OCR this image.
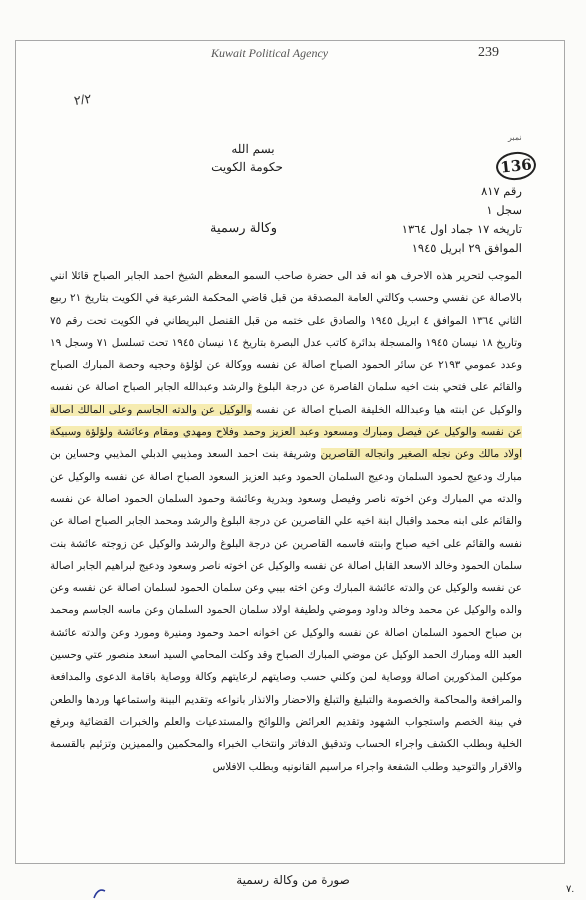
Kuwait Political Agency	239

٢/٢
نمبر
136

بسم الله

حكومة الكويت

رقم ٨١٧

سجل ١

تاريخه ١٧ جماد اول ١٣٦٤

الموافق ٢٩ ابريل ١٩٤٥

وكالة رسمية

الموجب لتحرير هذه الاحرف هو انه قد الى حضرة صاحب السمو المعظم الشيخ احمد الجابر الصباح قائلا انني بالاصالة عن نفسي وحسب وكالتي العامة المصدقة من قبل قاضي المحكمة الشرعية في الكويت بتاريخ ٢١ ربيع الثاني ١٣٦٤ الموافق ٤ ابريل ١٩٤٥ والصادق على ختمه من قبل القنصل البريطاني في الكويت تحت رقم ٧٥ وتاريخ ١٨ نيسان ١٩٤٥ والمسجلة بدائرة كاتب عدل البصرة بتاريخ ١٤ نيسان ١٩٤٥ تحت تسلسل ٧١ وسجل ١٩ وعدد عمومي ٢١٩٣ عن سائر الحمود الصباح اصالة عن نفسه ووكالة عن لؤلؤة وحجيه وحصة المبارك الصباح والقائم على فتحي بنت اخيه سلمان القاصرة عن درجة البلوغ والرشد وعبدالله الجابر الصباح اصالة عن نفسه والوكيل عن ابنته هيا وعبدالله الخليفة الصباح اصالة عن نفسه والوكيل عن والدته الجاسم وعلى المالك اصالة عن نفسه والوكيل عن فيصل ومبارك ومسعود وعبد العزيز وحمد وفلاح ومهدي ومقام وعائشة ولؤلؤة وسبيكة اولاد مالك وعن نجله الصغير وانجاله القاصرين وشريفة بنت احمد السعد ومذيبي الدبلي المذيبي وحساين بن مبارك ودعيج لحمود السلمان ودعيج السلمان الحمود وعبد العزيز السعود الصباح اصالة عن نفسه والوكيل عن والدته مي المبارك وعن اخوته ناصر وفيصل وسعود وبدرية وعائشة وحمود السلمان الحمود اصالة عن نفسه والقائم على ابنه محمد واقبال ابنة اخيه علي القاصرين عن درجة البلوغ والرشد ومحمد الجابر الصباح اصالة عن نفسه والقائم على اخيه صباح وابنته فاسمه القاصرين عن درجة البلوغ والرشد والوكيل عن زوجته عائشة بنت سلمان الحمود وخالد الاسعد القابل اصالة عن نفسه والوكيل عن اخوته ناصر وسعود ودعيج لبراهيم الجابر اصالة عن نفسه والوكيل عن والدته عائشة المبارك وعن اخته بيبي وعن سلمان الحمود لسلمان اصالة عن نفسه وعن والده والوكيل عن محمد وخالد وداود وموضي ولطيفة اولاد سلمان الحمود السلمان وعن ماسه الجاسم ومحمد بن صباح الحمود السلمان اصالة عن نفسه والوكيل عن اخوانه احمد وحمود ومنيرة ومورد وعن والدته عائشة العبد الله ومبارك الحمد الوكيل عن موضي المبارك الصباح وقد وكلت المحامي السيد اسعد منصور عتي وحسين موكلين المذكورين اصالة ووصاية لمن وكلني حسب وصايتهم لرعايتهم وكالة ووصاية باقامة الدعوى والمدافعة والمرافعة والمحاكمة والخصومة والتبليغ والتبلغ والاحضار والانذار بانواعه وتقديم البينة واستماعها وردها والطعن في بينة الخصم واستجواب الشهود وتقديم العرائض واللوائح والمستدعيات والعلم والخبرات القضائية وبرفع الخلية وبطلب الكشف واجراء الحساب وتدقيق الدفاتر وانتخاب الخبراء والمحكمين والمميزين وتزئيم بالقسمة والاقرار والتوحيد وطلب الشفعة واجراء مراسيم القانونيه وبطلب الافلاس

صورة من وكالة رسمية

٧.
